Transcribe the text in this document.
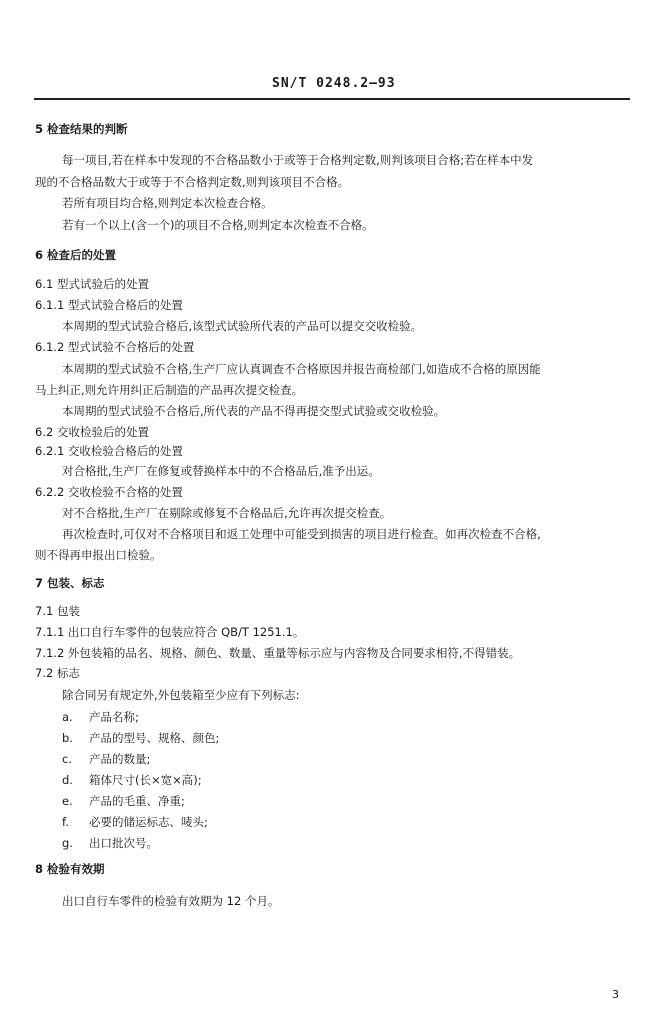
SN/T 0248.2—93
5 检查结果的判断
每一项目,若在样本中发现的不合格品数小于或等于合格判定数,则判该项目合格;若在样本中发
现的不合格品数大于或等于不合格判定数,则判该项目不合格。
若所有项目均合格,则判定本次检查合格。
若有一个以上(含一个)的项目不合格,则判定本次检查不合格。
6 检查后的处置
6.1 型式试验后的处置
6.1.1 型式试验合格后的处置
本周期的型式试验合格后,该型式试验所代表的产品可以提交交收检验。
6.1.2 型式试验不合格后的处置
本周期的型式试验不合格,生产厂应认真调查不合格原因并报告商检部门,如造成不合格的原因能
马上纠正,则允许用纠正后制造的产品再次提交检查。
本周期的型式试验不合格后,所代表的产品不得再提交型式试验或交收检验。
6.2 交收检验后的处置
6.2.1 交收检验合格后的处置
对合格批,生产厂在修复或替换样本中的不合格品后,准予出运。
6.2.2 交收检验不合格的处置
对不合格批,生产厂在剔除或修复不合格品后,允许再次提交检查。
再次检查时,可仅对不合格项目和返工处理中可能受到损害的项目进行检查。如再次检查不合格,
则不得再申报出口检验。
7 包装、标志
7.1 包装
7.1.1 出口自行车零件的包装应符合 QB/T 1251.1。
7.1.2 外包装箱的品名、规格、颜色、数量、重量等标示应与内容物及合同要求相符,不得错装。
7.2 标志
除合同另有规定外,外包装箱至少应有下列标志:
a. 产品名称;
b. 产品的型号、规格、颜色;
c. 产品的数量;
d. 箱体尺寸(长×宽×高);
e. 产品的毛重、净重;
f. 必要的储运标志、唛头;
g. 出口批次号。
8 检验有效期
出口自行车零件的检验有效期为 12 个月。
3
